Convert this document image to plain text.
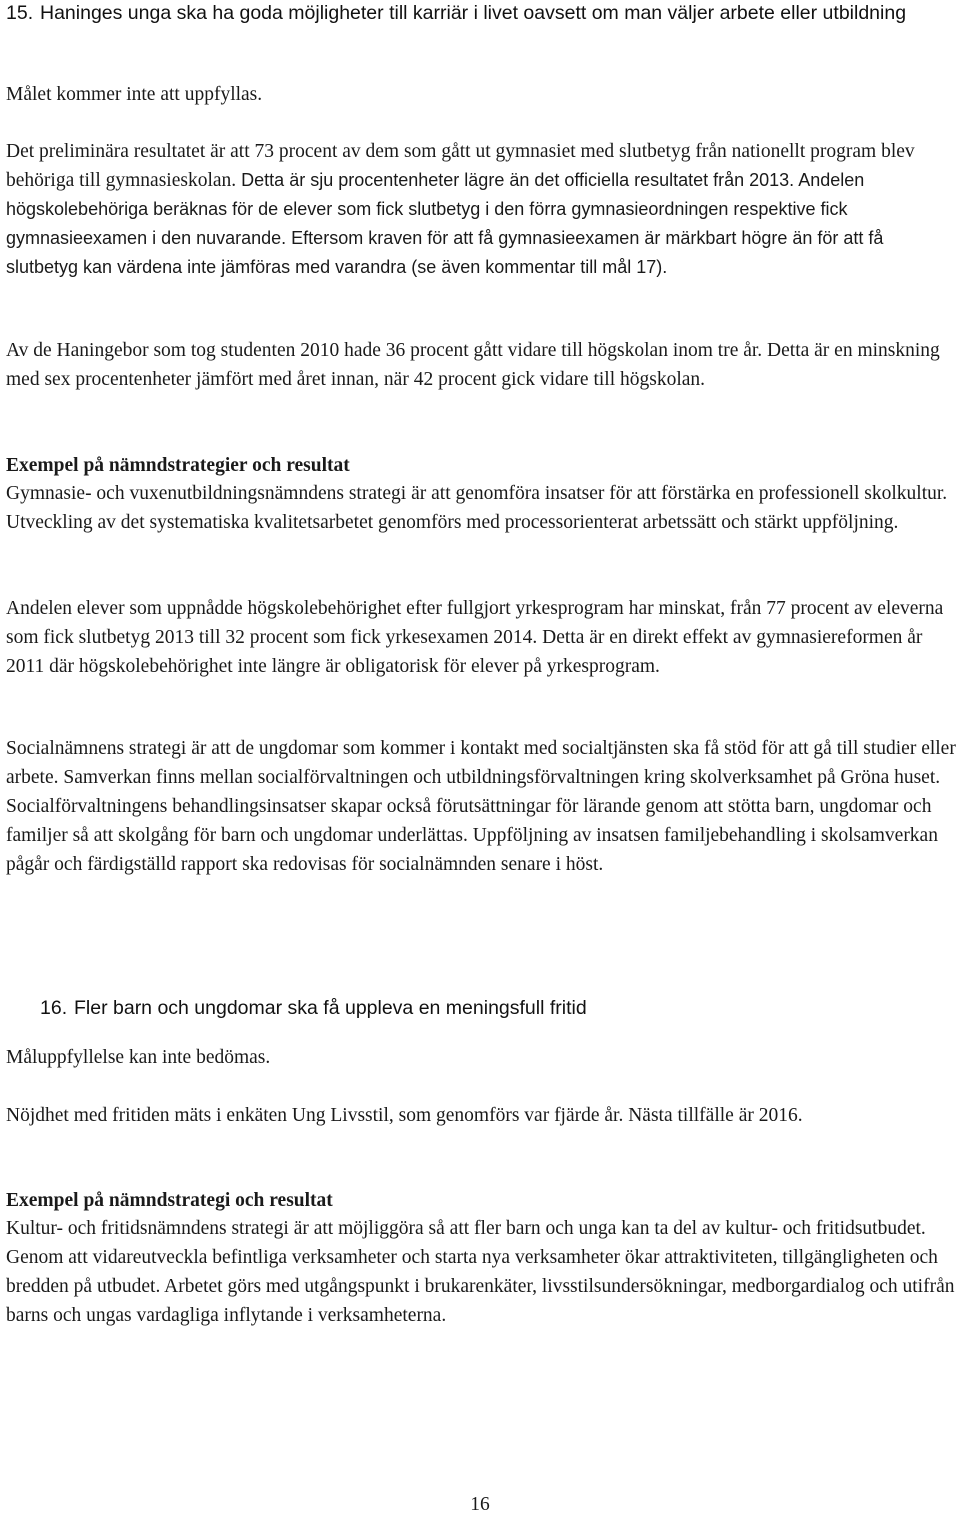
15. Haninges unga ska ha goda möjligheter till karriär i livet oavsett om man väljer arbete eller utbildning

Målet kommer inte att uppfyllas.

Det preliminära resultatet är att 73 procent av dem som gått ut gymnasiet med slutbetyg från nationellt program blev behöriga till gymnasieskolan. Detta är sju procentenheter lägre än det officiella resultatet från 2013. Andelen högskolebehöriga beräknas för de elever som fick slutbetyg i den förra gymnasieordningen respektive fick gymnasieexamen i den nuvarande. Eftersom kraven för att få gymnasieexamen är märkbart högre än för att få slutbetyg kan värdena inte jämföras med varandra (se även kommentar till mål 17).

Av de Haningebor som tog studenten 2010 hade 36 procent gått vidare till högskolan inom tre år. Detta är en minskning med sex procentenheter jämfört med året innan, när 42 procent gick vidare till högskolan.

Exempel på nämndstrategier och resultat

Gymnasie- och vuxenutbildningsnämndens strategi är att genomföra insatser för att förstärka en professionell skolkultur. Utveckling av det systematiska kvalitetsarbetet genomförs med processorienterat arbetssätt och stärkt uppföljning.

Andelen elever som uppnådde högskolebehörighet efter fullgjort yrkesprogram har minskat, från 77 procent av eleverna som fick slutbetyg 2013 till 32 procent som fick yrkesexamen 2014. Detta är en direkt effekt av gymnasiereformen år 2011 där högskolebehörighet inte längre är obligatorisk för elever på yrkesprogram.

Socialnämnens strategi är att de ungdomar som kommer i kontakt med socialtjänsten ska få stöd för att gå till studier eller arbete. Samverkan finns mellan socialförvaltningen och utbildningsförvaltningen kring skolverksamhet på Gröna huset. Socialförvaltningens behandlingsinsatser skapar också förutsättningar för lärande genom att stötta barn, ungdomar och familjer så att skolgång för barn och ungdomar underlättas. Uppföljning av insatsen familjebehandling i skolsamverkan pågår och färdigställd rapport ska redovisas för socialnämnden senare i höst.

16. Fler barn och ungdomar ska få uppleva en meningsfull fritid

Måluppfyllelse kan inte bedömas.

Nöjdhet med fritiden mäts i enkäten Ung Livsstil, som genomförs var fjärde år. Nästa tillfälle är 2016.

Exempel på nämndstrategi och resultat

Kultur- och fritidsnämndens strategi är att möjliggöra så att fler barn och unga kan ta del av kultur- och fritidsutbudet. Genom att vidareutveckla befintliga verksamheter och starta nya verksamheter ökar attraktiviteten, tillgängligheten och bredden på utbudet. Arbetet görs med utgångspunkt i brukarenkäter, livsstilsundersökningar, medborgardialog och utifrån barns och ungas vardagliga inflytande i verksamheterna.

16
